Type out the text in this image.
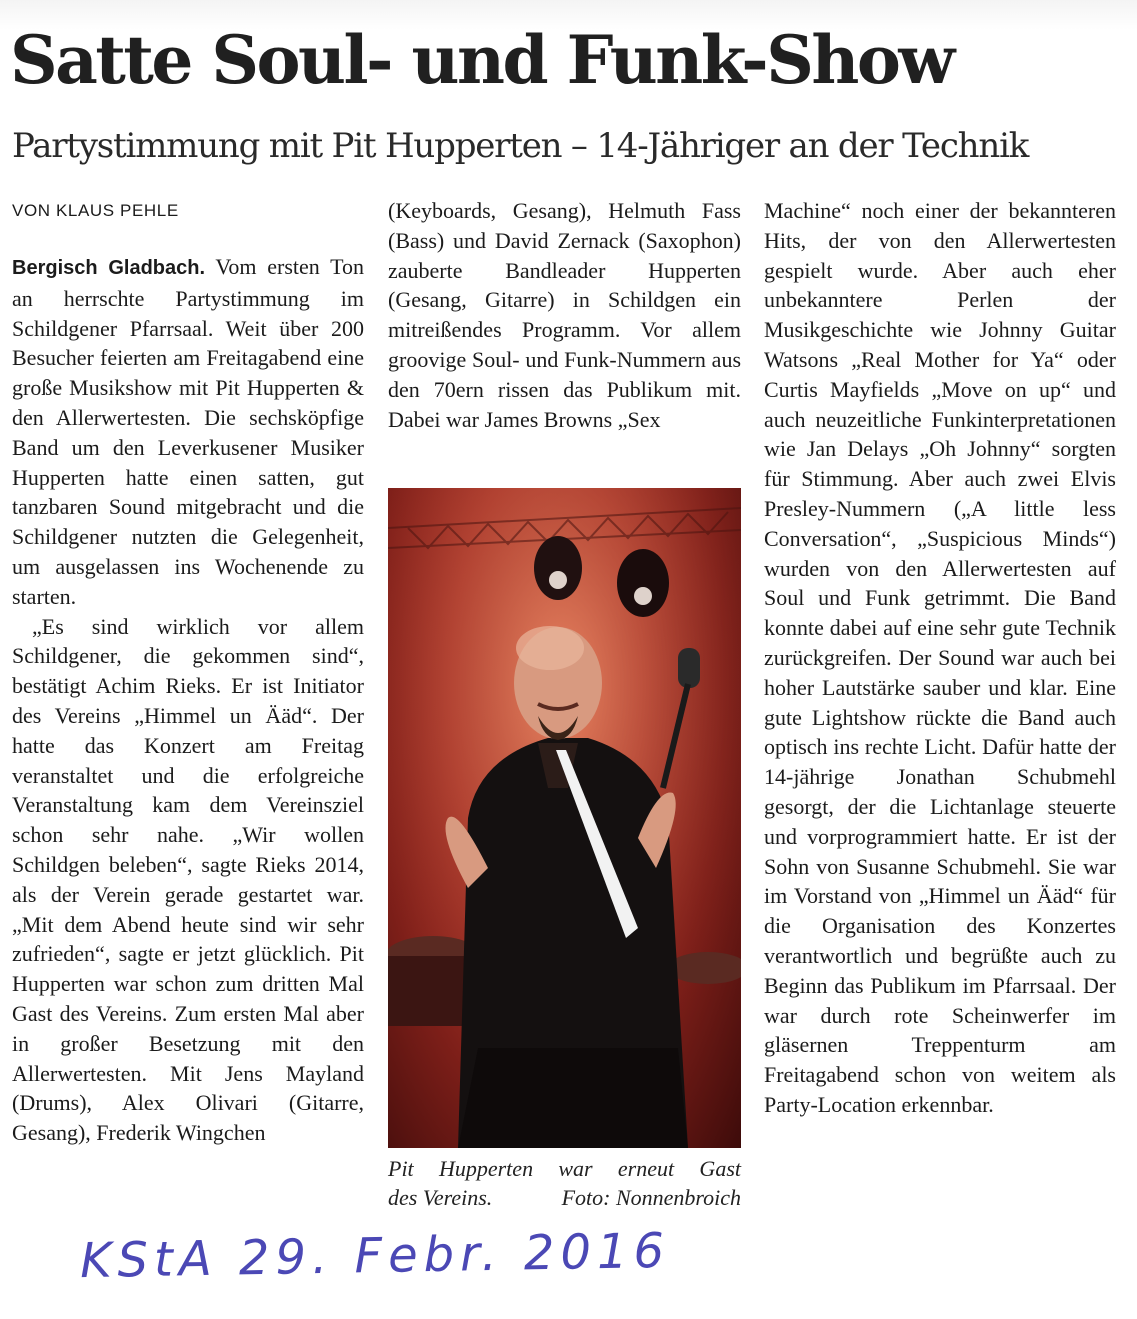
Satte Soul- und Funk-Show
Partystimmung mit Pit Hupperten – 14-Jähriger an der Technik
VON KLAUS PEHLE

Bergisch Gladbach. Vom ersten Ton an herrschte Partystimmung im Schildgener Pfarrsaal. Weit über 200 Besucher feierten am Freitagabend eine große Musikshow mit Pit Hupperten & den Allerwertesten. Die sechsköpfige Band um den Leverkusener Musiker Hupperten hatte einen satten, gut tanzbaren Sound mitgebracht und die Schildgener nutzten die Gelegenheit, um ausgelassen ins Wochenende zu starten.

„Es sind wirklich vor allem Schildgener, die gekommen sind“, bestätigt Achim Rieks. Er ist Initiator des Vereins „Himmel un Ääd“. Der hatte das Konzert am Freitag veranstaltet und die erfolgreiche Veranstaltung kam dem Vereinsziel schon sehr nahe. „Wir wollen Schildgen beleben“, sagte Rieks 2014, als der Verein gerade gestartet war. „Mit dem Abend heute sind wir sehr zufrieden“, sagte er jetzt glücklich. Pit Hupperten war schon zum dritten Mal Gast des Vereins. Zum ersten Mal aber in großer Besetzung mit den Allerwertesten. Mit Jens Mayland (Drums), Alex Olivari (Gitarre, Gesang), Frederik Wingchen

(Keyboards, Gesang), Helmuth Fass (Bass) und David Zernack (Saxophon) zauberte Bandleader Hupperten (Gesang, Gitarre) in Schildgen ein mitreißendes Programm. Vor allem groovige Soul- und Funk-Nummern aus den 70ern rissen das Publikum mit. Dabei war James Browns „Sex

Pit Hupperten war erneut Gast
des Vereins.	Foto: Nonnenbroich

Machine“ noch einer der bekannteren Hits, der von den Allerwertesten gespielt wurde. Aber auch eher unbekanntere Perlen der Musikgeschichte wie Johnny Guitar Watsons „Real Mother for Ya“ oder Curtis Mayfields „Move on up“ und auch neuzeitliche Funkinterpretationen wie Jan Delays „Oh Johnny“ sorgten für Stimmung. Aber auch zwei Elvis Presley-Nummern („A little less Conversation“, „Suspicious Minds“) wurden von den Allerwertesten auf Soul und Funk getrimmt. Die Band konnte dabei auf eine sehr gute Technik zurückgreifen. Der Sound war auch bei hoher Lautstärke sauber und klar. Eine gute Lightshow rückte die Band auch optisch ins rechte Licht. Dafür hatte der 14-jährige Jonathan Schubmehl gesorgt, der die Lichtanlage steuerte und vorprogrammiert hatte. Er ist der Sohn von Susanne Schubmehl. Sie war im Vorstand von „Himmel un Ääd“ für die Organisation des Konzertes verantwortlich und begrüßte auch zu Beginn das Publikum im Pfarrsaal. Der war durch rote Scheinwerfer im gläsernen Treppenturm am Freitagabend schon von weitem als Party-Location erkennbar.

KStA 29. Febr. 2016
